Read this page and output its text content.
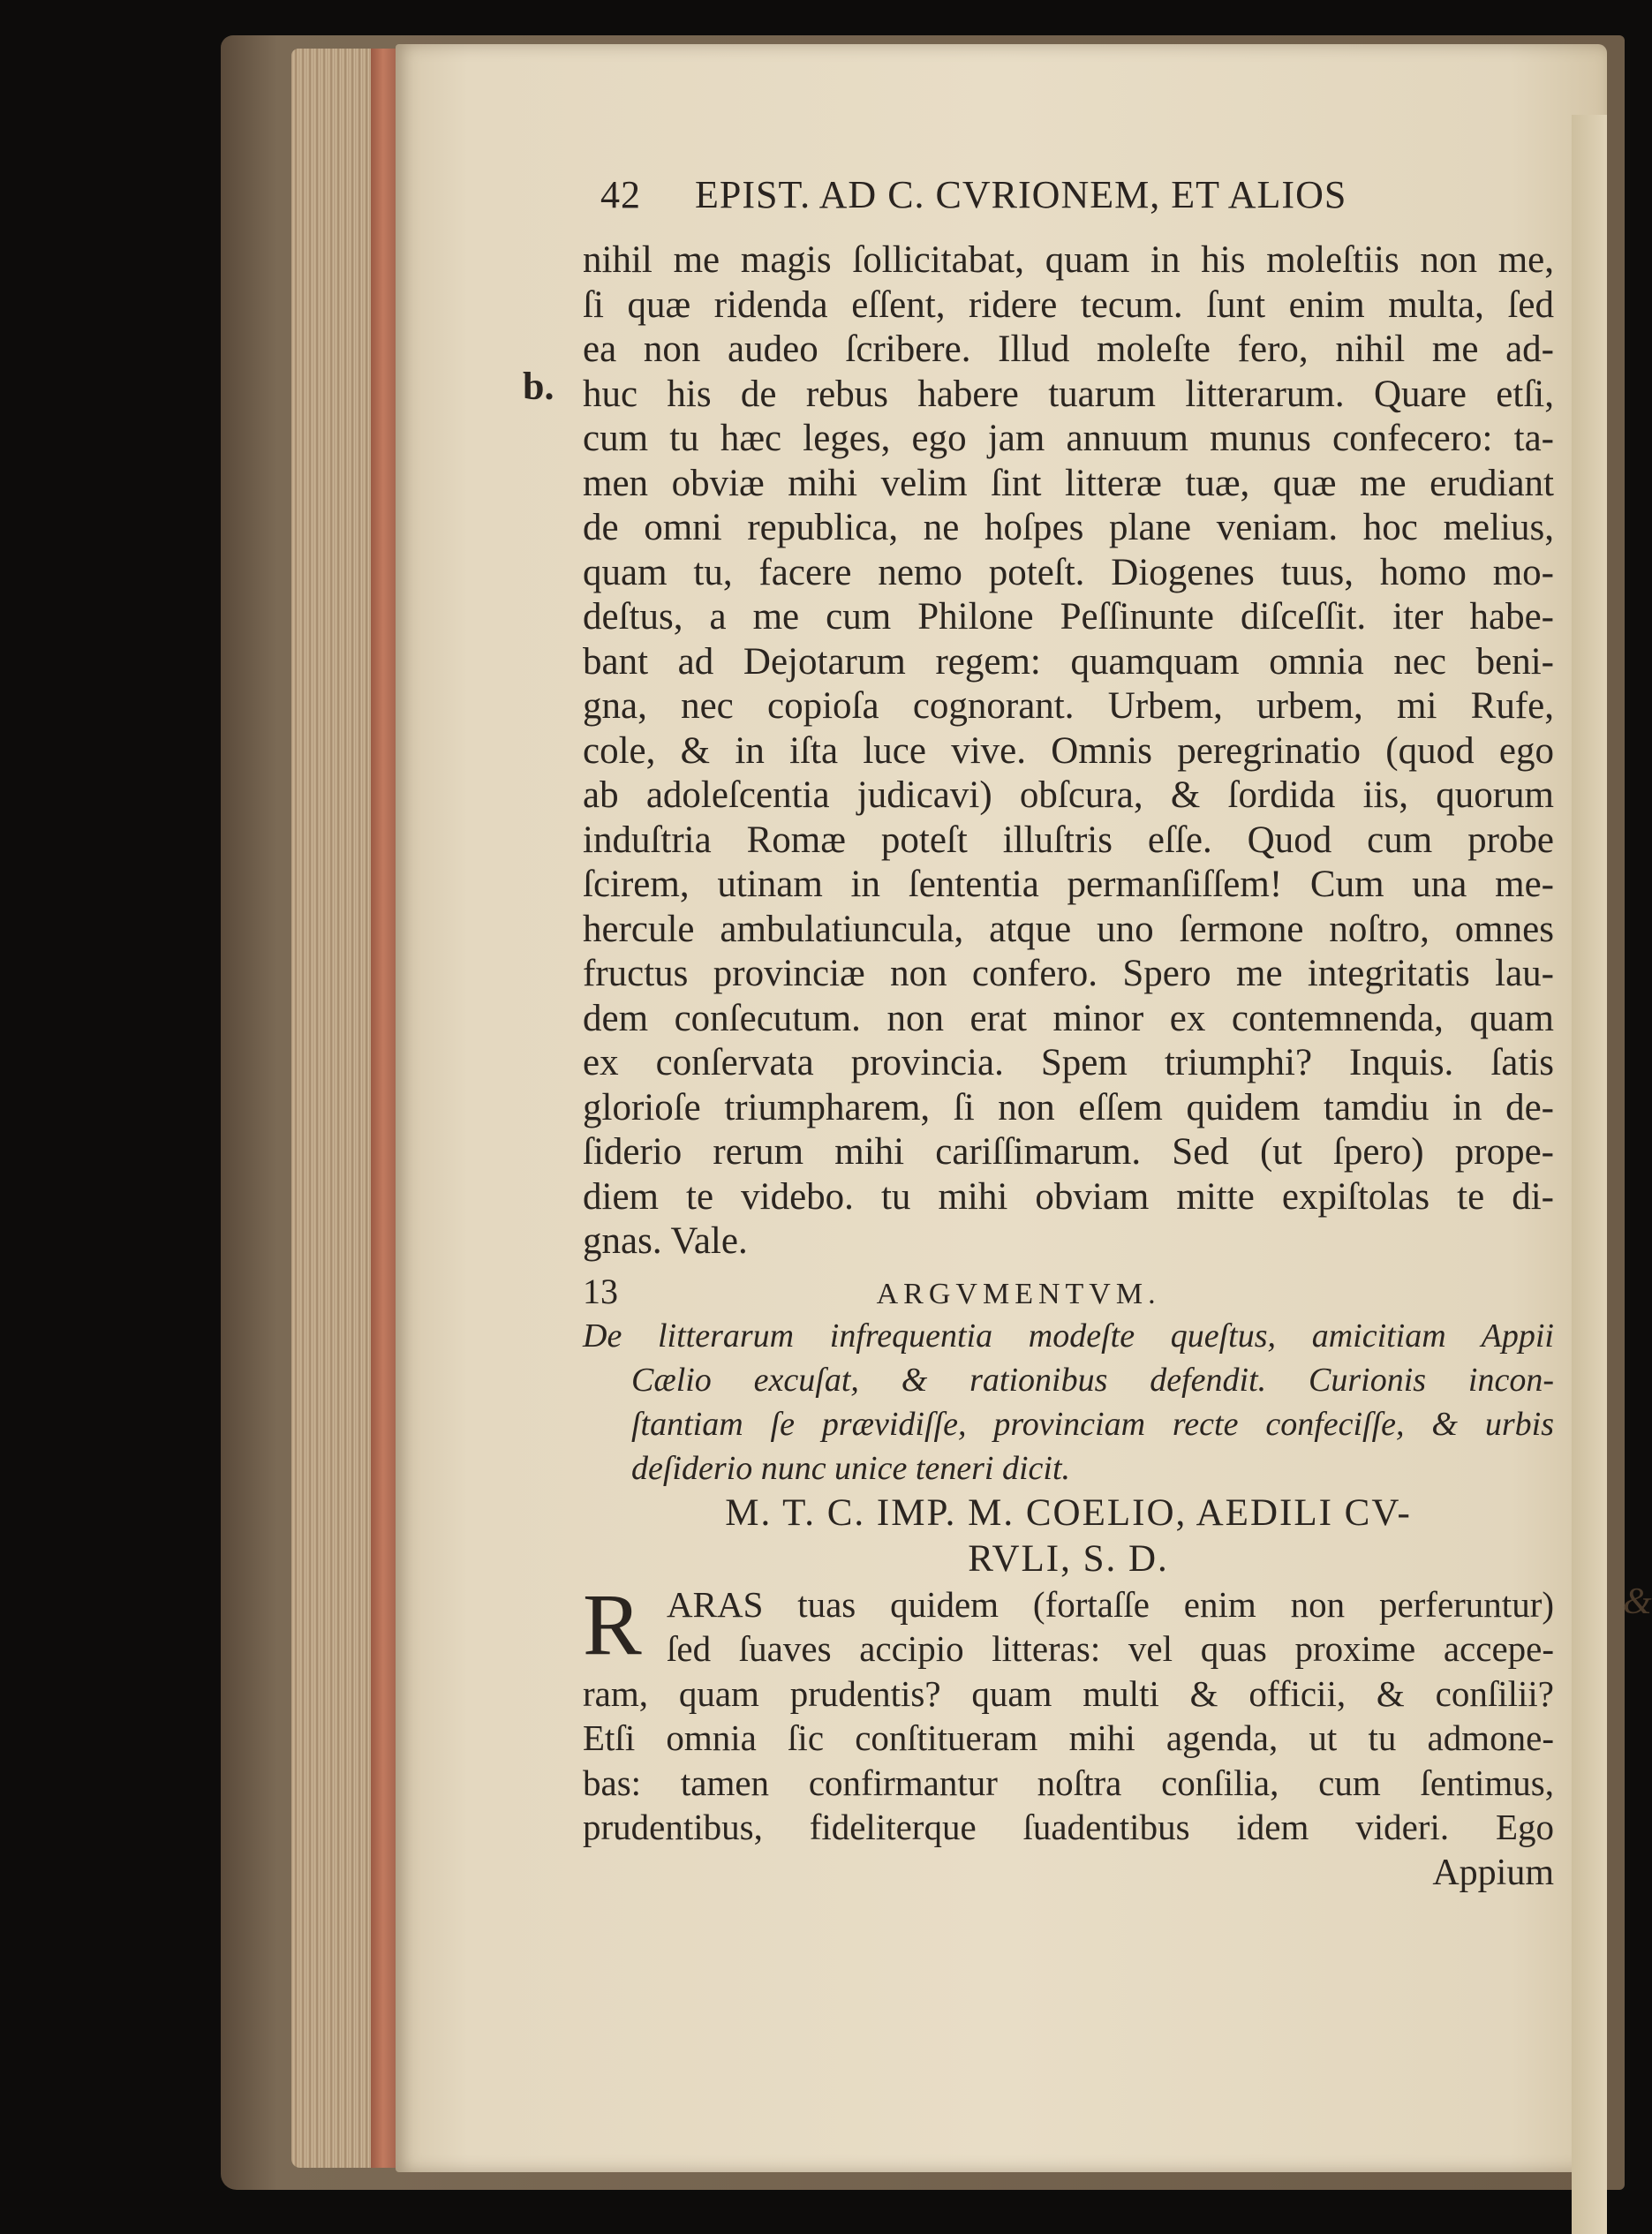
42 EPIST. AD C. CVRIONEM, ET ALIOS
b.
nihil me magis ſollicitabat, quam in his moleſtiis non me,
ſi quæ ridenda eſſent, ridere tecum. ſunt enim multa, ſed
ea non audeo ſcribere. Illud moleſte fero, nihil me ad-
huc his de rebus habere tuarum litterarum. Quare etſi,
cum tu hæc leges, ego jam annuum munus confecero: ta-
men obviæ mihi velim ſint litteræ tuæ, quæ me erudiant
de omni republica, ne hoſpes plane veniam. hoc melius,
quam tu, facere nemo poteſt. Diogenes tuus, homo mo-
deſtus, a me cum Philone Peſſinunte diſceſſit. iter habe-
bant ad Dejotarum regem: quamquam omnia nec beni-
gna, nec copioſa cognorant. Urbem, urbem, mi Rufe,
cole, & in iſta luce vive. Omnis peregrinatio (quod ego
ab adoleſcentia judicavi) obſcura, & ſordida iis, quorum
induſtria Romæ poteſt illuſtris eſſe. Quod cum probe
ſcirem, utinam in ſententia permanſiſſem! Cum una me-
hercule ambulatiuncula, atque uno ſermone noſtro, omnes
fructus provinciæ non confero. Spero me integritatis lau-
dem conſecutum. non erat minor ex contemnenda, quam
ex conſervata provincia. Spem triumphi? Inquis. ſatis
glorioſe triumpharem, ſi non eſſem quidem tamdiu in de-
ſiderio rerum mihi cariſſimarum. Sed (ut ſpero) prope-
diem te videbo. tu mihi obviam mitte expiſtolas te di-
gnas. Vale.
13	ARGVMENTVM.
De litterarum infrequentia modeſte queſtus, amicitiam Appii
Cælio excuſat, & rationibus defendit. Curionis incon-
ſtantiam ſe prævidiſſe, provinciam recte confeciſſe, & urbis
deſiderio nunc unice teneri dicit.
M. T. C. IMP. M. COELIO, AEDILI CV-
RVLI, S. D.
R ARAS tuas quidem (fortaſſe enim non perferuntur)
ſed ſuaves accipio litteras: vel quas proxime accepe-
ram, quam prudentis? quam multi & officii, & conſilii?
Etſi omnia ſic conſtitueram mihi agenda, ut tu admone-
bas: tamen confirmantur noſtra conſilia, cum ſentimus,
prudentibus, fideliterque ſuadentibus idem videri. Ego
Appium
&
